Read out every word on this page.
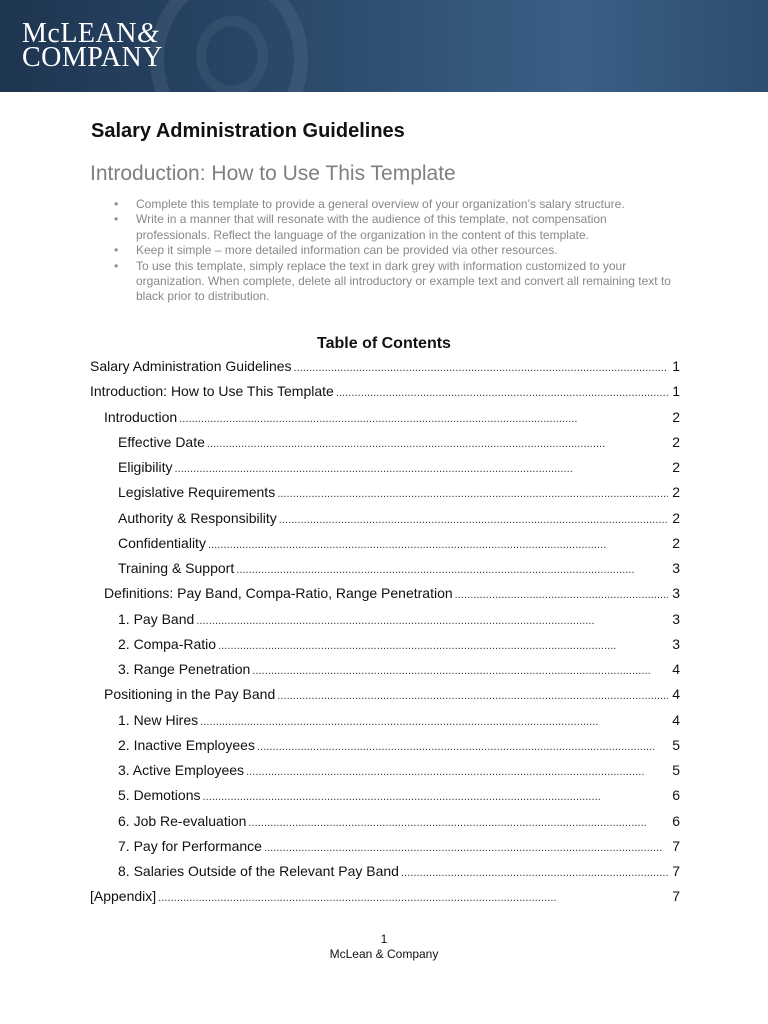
McLEAN&
COMPANY
Salary Administration Guidelines
Introduction: How to Use This Template
• Complete this template to provide a general overview of your organization’s salary structure.
• Write in a manner that will resonate with the audience of this template, not compensation professionals. Reflect the language of the organization in the content of this template.
• Keep it simple – more detailed information can be provided via other resources.
• To use this template, simply replace the text in dark grey with information customized to your organization. When complete, delete all introductory or example text and convert all remaining text to black prior to distribution.
Table of Contents
Salary Administration Guidelines . . .	1
Introduction: How to Use This Template . . .	1
Introduction . . .	2
Effective Date . . .	2
Eligibility . . .	2
Legislative Requirements . . .	2
Authority & Responsibility . . .	2
Confidentiality . . .	2
Training & Support . . .	3
Definitions: Pay Band, Compa-Ratio, Range Penetration . . .	3
1. Pay Band . . .	3
2. Compa-Ratio . . .	3
3. Range Penetration . . .	4
Positioning in the Pay Band . . .	4
1. New Hires . . .	4
2. Inactive Employees . . .	5
3. Active Employees . . .	5
5. Demotions . . .	6
6. Job Re-evaluation . . .	6
7. Pay for Performance . . .	7
8. Salaries Outside of the Relevant Pay Band . . .	7
[Appendix] . . .	7
1
McLean & Company
